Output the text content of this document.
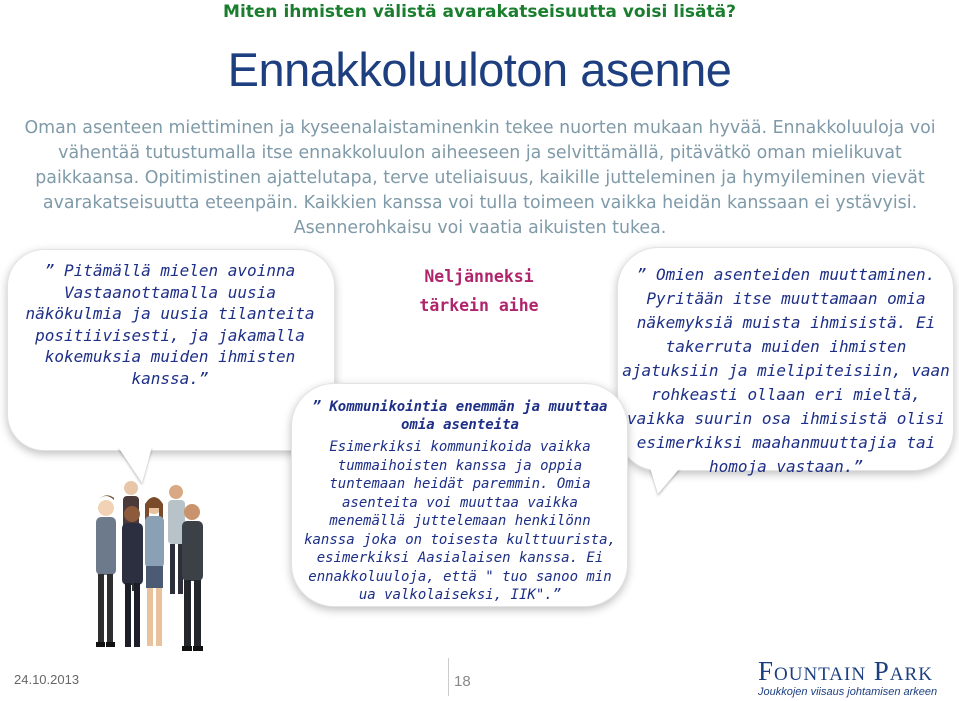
Miten ihmisten välistä avarakatseisuutta voisi lisätä?
Ennakkoluuloton asenne
Oman asenteen miettiminen ja kyseenalaistaminenkin tekee nuorten mukaan hyvää. Ennakkoluuloja voi vähentää tutustumalla itse ennakkoluulon aiheeseen ja selvittämällä, pitävätkö oman mielikuvat paikkaansa. Opitimistinen ajattelutapa, terve uteliaisuus, kaikille jutteleminen ja hymyileminen vievät avarakatseisuutta eteenpäin. Kaikkien kanssa voi tulla toimeen vaikka heidän kanssaan ei ystävyisi. Asennerohkaisu voi vaatia aikuisten tukea.
” Pitämällä mielen avoinna Vastaanottamalla uusia näkökulmia ja uusia tilanteita positiivisesti, ja jakamalla kokemuksia muiden ihmisten kanssa.”
” Omien asenteiden muuttaminen. Pyritään itse muuttamaan omia näkemyksiä muista ihmisistä. Ei takerruta muiden ihmisten ajatuksiin ja mielipiteisiin, vaan rohkeasti ollaan eri mieltä, vaikka suurin osa ihmisistä olisi esimerkiksi maahanmuuttajia tai homoja vastaan.”
” Kommunikointia enemmän ja muuttaa omia asenteita
Esimerkiksi kommunikoida vaikka tummaihoisten kanssa ja oppia tuntemaan heidät paremmin. Omia asenteita voi muuttaa vaikka menemällä juttelemaan henkilönn kanssa joka on toisesta kulttuurista, esimerkiksi Aasialaisen kanssa. Ei ennakkoluuloja, että " tuo sanoo min ua valkolaiseksi, IIK".”
Neljänneksi
tärkein aihe
24.10.2013	18	Fountain Park
Joukkojen viisaus johtamisen arkeen
